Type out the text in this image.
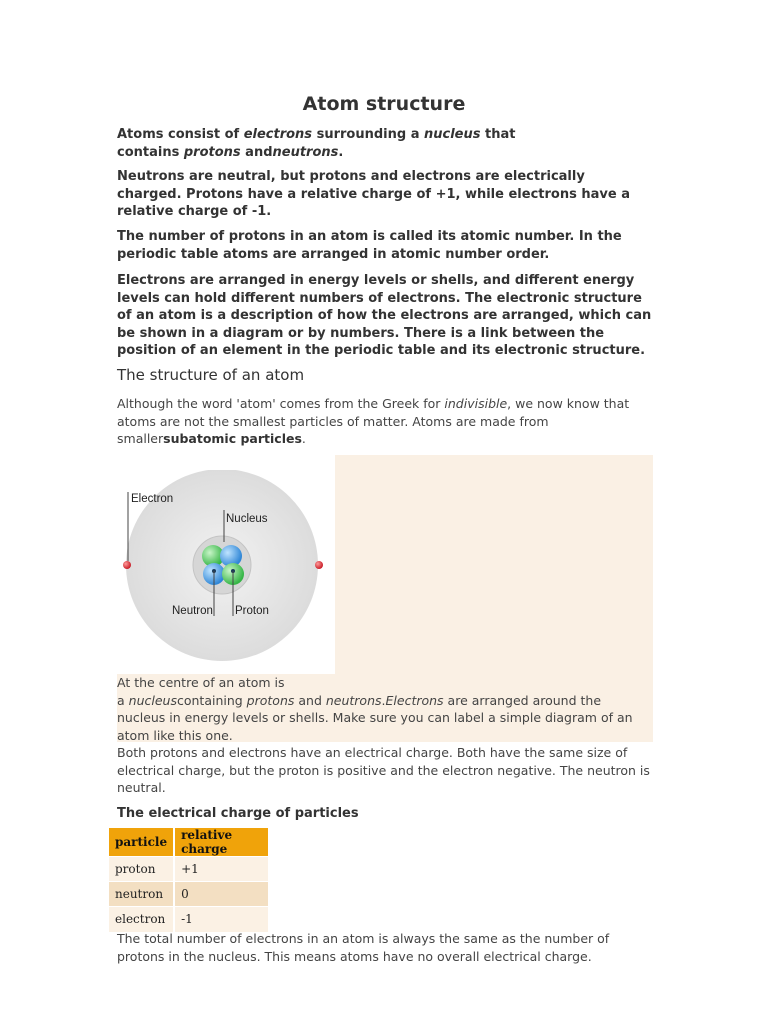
Atom structure

Atoms consist of electrons surrounding a nucleus that
contains protons andneutrons.

Neutrons are neutral, but protons and electrons are electrically charged. Protons have a relative charge of +1, while electrons have a relative charge of -1.

The number of protons in an atom is called its atomic number. In the periodic table atoms are arranged in atomic number order.

Electrons are arranged in energy levels or shells, and different energy levels can hold different numbers of electrons. The electronic structure of an atom is a description of how the electrons are arranged, which can be shown in a diagram or by numbers. There is a link between the position of an element in the periodic table and its electronic structure.

The structure of an atom

Although the word 'atom' comes from the Greek for indivisible, we now know that atoms are not the smallest particles of matter. Atoms are made from smallersubatomic particles.

Electron
Nucleus
Neutron Proton

At the centre of an atom is
a nucleuscontaining protons and neutrons.Electrons are arranged around the nucleus in energy levels or shells. Make sure you can label a simple diagram of an atom like this one.

Both protons and electrons have an electrical charge. Both have the same size of electrical charge, but the proton is positive and the electron negative. The neutron is neutral.

The electrical charge of particles
particle	relative charge
proton	+1
neutron	0
electron	-1

The total number of electrons in an atom is always the same as the number of protons in the nucleus. This means atoms have no overall electrical charge.
